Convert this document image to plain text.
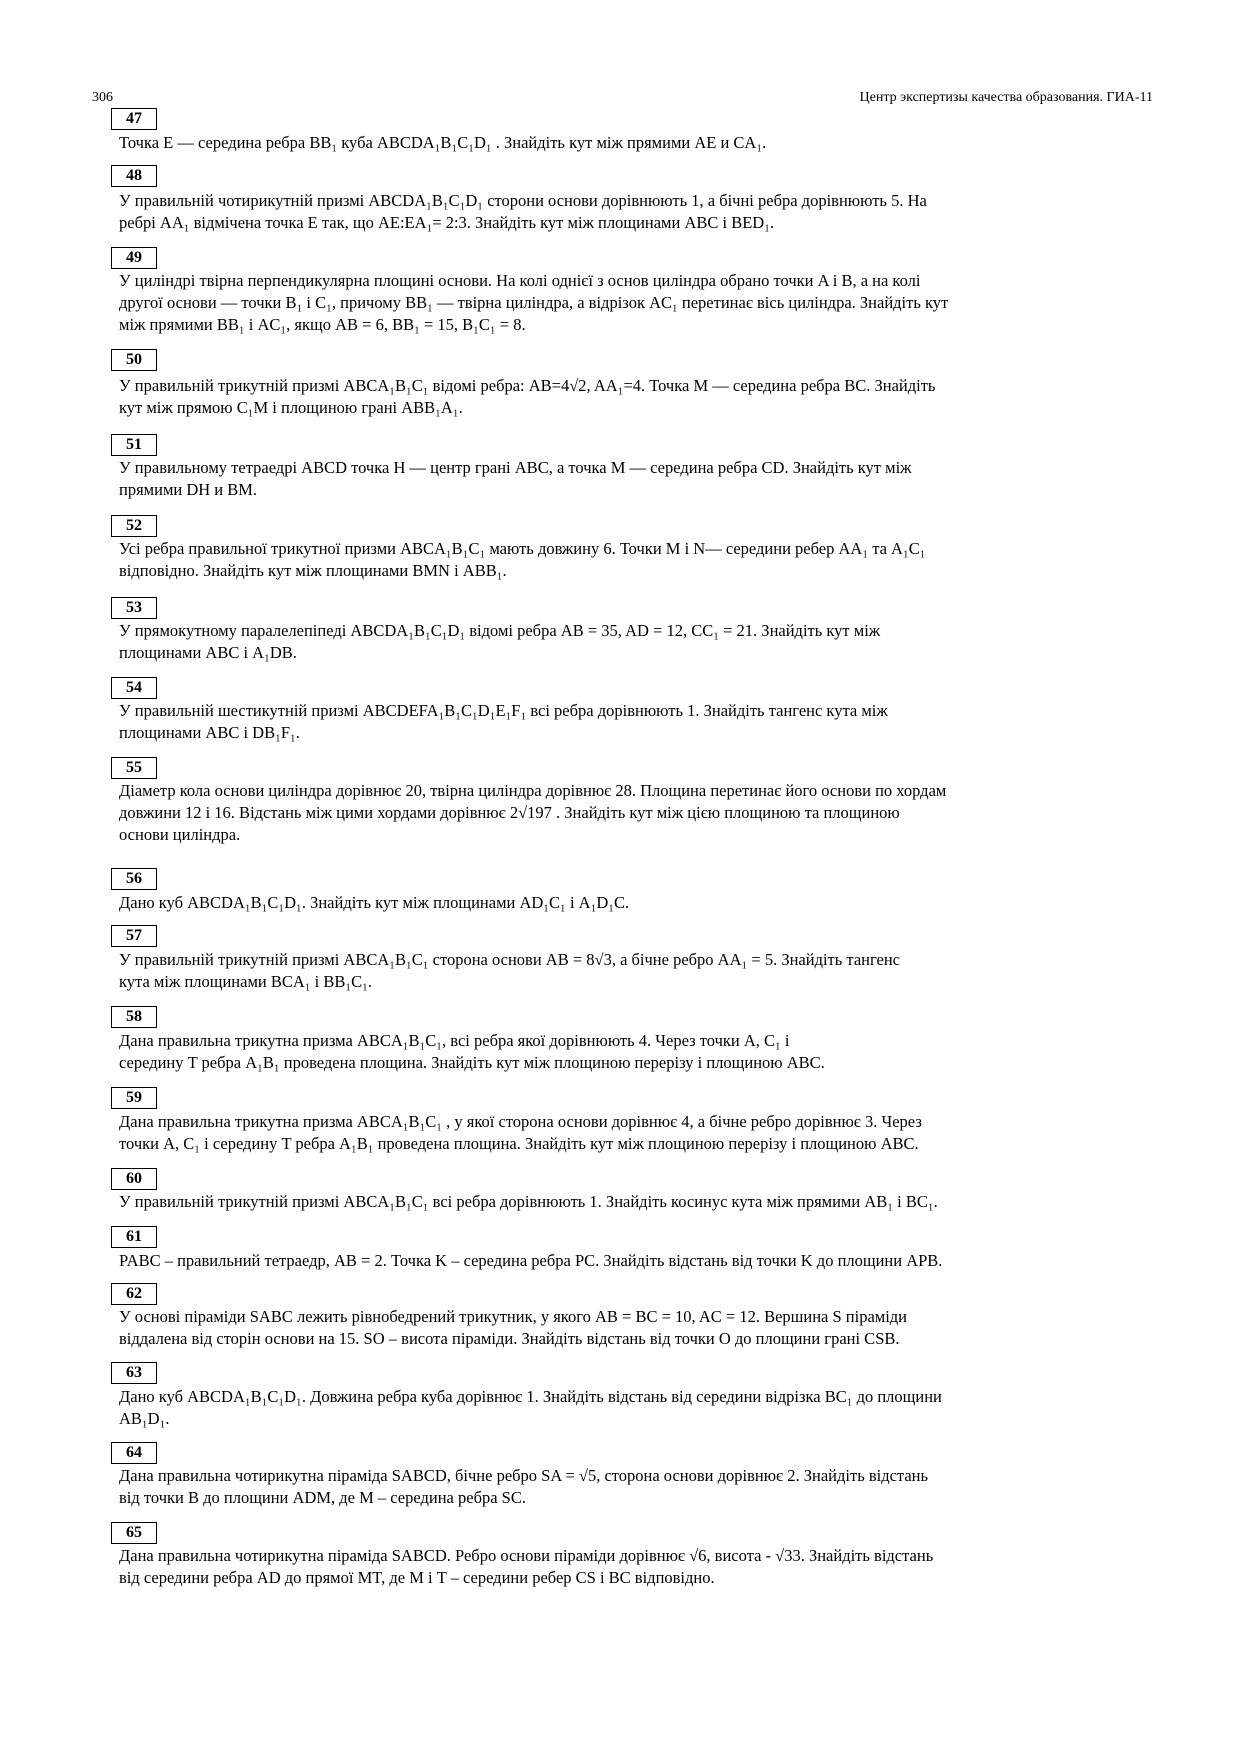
306	Центр экспертизы качества образования. ГИА-11
47
Точка E — середина ребра BB₁ куба ABCDA₁B₁C₁D₁ . Знайдіть кут між прямими AE и CA₁.
48
У правильній чотирикутній призмі ABCDA₁B₁C₁D₁ сторони основи дорівнюють 1, а бічні ребра дорівнюють 5. На
ребрі AA₁ відмічена точка E так, що AE:EA₁= 2:3. Знайдіть кут між площинами ABC і BED₁.
49
У циліндрі твірна перпендикулярна площині основи. На колі однієї з основ циліндра обрано точки A і B, а на колі
другої основи — точки B₁ і C₁, причому BB₁ — твірна циліндра, а відрізок AC₁ перетинає вісь циліндра. Знайдіть кут
між прямими BB₁ і AC₁, якщо AB = 6, BB₁ = 15, B₁C₁ = 8.
50
У правильній трикутній призмі ABCA₁B₁C₁ відомі ребра: AB=4√2, AA₁=4. Точка M — середина ребра BC. Знайдіть
кут між прямою C₁M і площиною грані ABB₁A₁.
51
У правильному тетраедрі ABCD точка H — центр грані ABC, а точка M — середина ребра CD. Знайдіть кут між
прямими DH и BM.
52
Усі ребра правильної трикутної призми ABCA₁B₁C₁ мають довжину 6. Точки M і N— середини ребер AA₁ та A₁C₁
відповідно. Знайдіть кут між площинами BMN і ABB₁.
53
У прямокутному паралелепіпеді ABCDA₁B₁C₁D₁ відомі ребра AB = 35, AD = 12, CC₁ = 21. Знайдіть кут між
площинами ABC і A₁DB.
54
У правильній шестикутній призмі ABCDEFA₁B₁C₁D₁E₁F₁ всі ребра дорівнюють 1. Знайдіть тангенс кута між
площинами ABC і DB₁F₁.
55
Діаметр кола основи циліндра дорівнює 20, твірна циліндра дорівнює 28. Площина перетинає його основи по хордам
довжини 12 і 16. Відстань між цими хордами дорівнює 2√197 . Знайдіть кут між цією площиною та площиною
основи циліндра.
56
Дано куб ABCDA₁B₁C₁D₁. Знайдіть кут між площинами AD₁C₁ і A₁D₁C.
57
У правильній трикутній призмі ABCA₁B₁C₁ сторона основи AB = 8√3, а бічне ребро AA₁ = 5. Знайдіть тангенс
кута між площинами BCA₁ і BB₁C₁.
58
Дана правильна трикутна призма ABCA₁B₁C₁, всі ребра якої дорівнюють 4. Через точки A, C₁ і
середину T ребра A₁B₁ проведена площина. Знайдіть кут між площиною перерізу і площиною ABC.
59
Дана правильна трикутна призма ABCA₁B₁C₁ , у якої сторона основи дорівнює 4, а бічне ребро дорівнює 3. Через
точки A, C₁ і середину T ребра A₁B₁ проведена площина. Знайдіть кут між площиною перерізу і площиною ABC.
60
У правильній трикутній призмі ABCA₁B₁C₁ всі ребра дорівнюють 1. Знайдіть косинус кута між прямими AB₁ і BC₁.
61
PABC – правильний тетраедр, AB = 2. Точка K – середина ребра PC. Знайдіть відстань від точки K до площини APB.
62
У основі піраміди SABC лежить рівнобедрений трикутник, у якого AB = BC = 10, AC = 12. Вершина S піраміди
віддалена від сторін основи на 15. SO – висота піраміди. Знайдіть відстань від точки O до площини грані CSB.
63
Дано куб ABCDA₁B₁C₁D₁. Довжина ребра куба дорівнює 1. Знайдіть відстань від середини відрізка BC₁ до площини
AB₁D₁.
64
Дана правильна чотирикутна піраміда SABCD, бічне ребро SA = √5, сторона основи дорівнює 2. Знайдіть відстань
від точки B до площини ADM, де M – середина ребра SC.
65
Дана правильна чотирикутна піраміда SABCD. Ребро основи піраміди дорівнює √6, висота - √33. Знайдіть відстань
від середини ребра AD до прямої MT, де M і T – середини ребер CS і BC відповідно.
